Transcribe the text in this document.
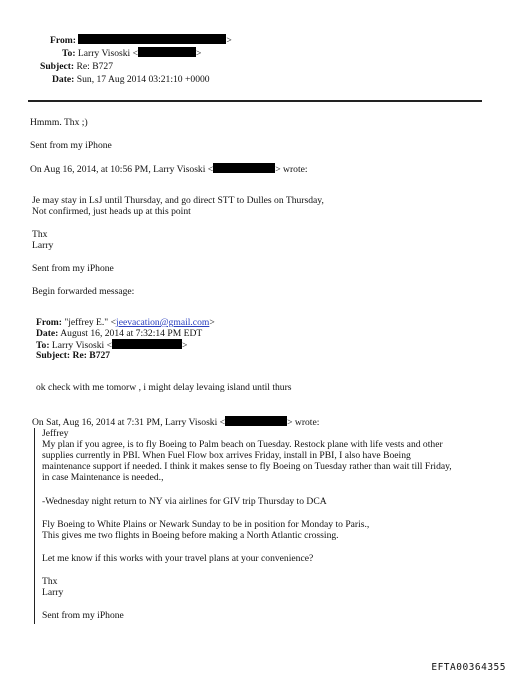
From:	>
To: Larry Visoski <	>
Subject: Re: B727
Date: Sun, 17 Aug 2014 03:21:10 +0000
Hmmm. Thx ;)
Sent from my iPhone
On Aug 16, 2014, at 10:56 PM, Larry Visoski <	> wrote:
Je may stay in LsJ until Thursday, and go direct STT to Dulles on Thursday,
Not confirmed, just heads up at this point
Thx
Larry
Sent from my iPhone
Begin forwarded message:
From: "jeffrey E." <jeevacation@gmail.com>
Date: August 16, 2014 at 7:32:14 PM EDT
To: Larry Visoski <	>
Subject: Re: B727
ok check with me tomorw , i might delay levaing island until thurs
On Sat, Aug 16, 2014 at 7:31 PM, Larry Visoski <	> wrote:
Jeffrey
My plan if you agree, is to fly Boeing to Palm beach on Tuesday. Restock plane with life vests and other
supplies currently in PBI. When Fuel Flow box arrives Friday, install in PBI, I also have Boeing
maintenance support if needed. I think it makes sense to fly Boeing on Tuesday rather than wait till Friday,
in case Maintenance is needed.,
-Wednesday night return to NY via airlines for GIV trip Thursday to DCA
Fly Boeing to White Plains or Newark Sunday to be in position for Monday to Paris.,
This gives me two flights in Boeing before making a North Atlantic crossing.
Let me know if this works with your travel plans at your convenience?
Thx
Larry
Sent from my iPhone
EFTA00364355
